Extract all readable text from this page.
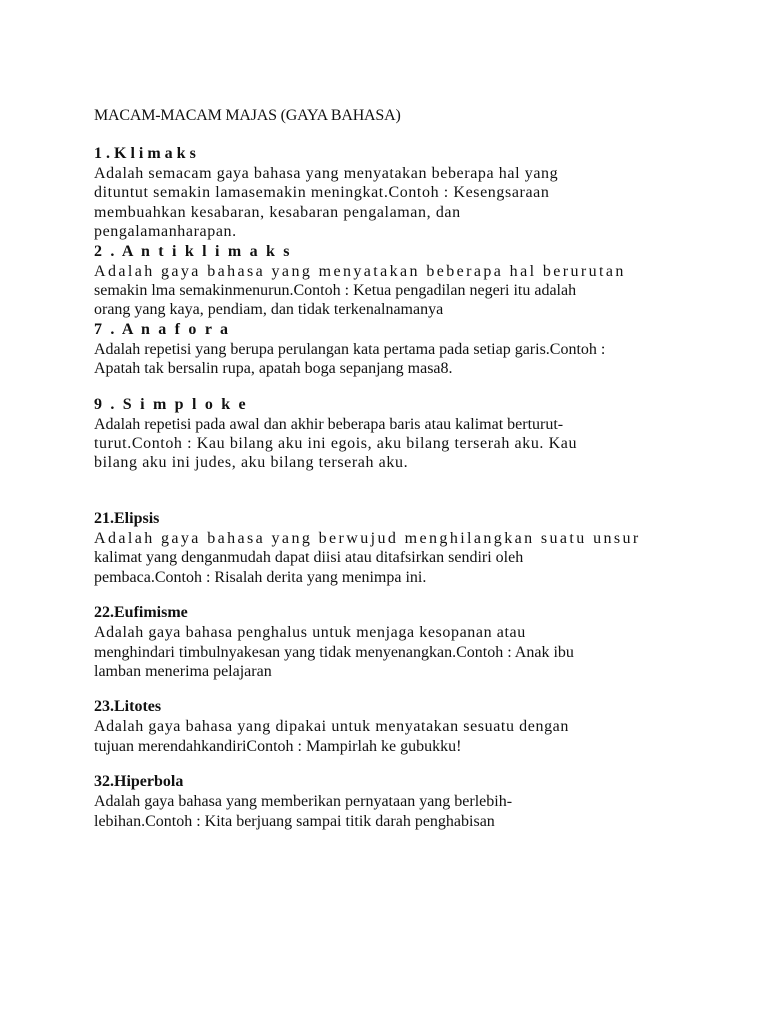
MACAM-MACAM MAJAS (GAYA BAHASA)

1 . K l i m a k s

Adalah semacam gaya bahasa yang menyatakan beberapa hal yang

dituntut semakin lamasemakin meningkat.Contoh : Kesengsaraan

membuahkan kesabaran, kesabaran pengalaman, dan

pengalamanharapan.

2 . A n t i k l i m a k s

Adalah gaya bahasa yang menyatakan beberapa hal berurutan

semakin lma semakinmenurun.Contoh : Ketua pengadilan negeri itu adalah

orang yang kaya, pendiam, dan tidak terkenalnamanya

7 . A n a f o r a

Adalah repetisi yang berupa perulangan kata pertama pada setiap garis.Contoh :

Apatah tak bersalin rupa, apatah boga sepanjang masa8.

9 . S i m p l o k e

Adalah repetisi pada awal dan akhir beberapa baris atau kalimat berturut-

turut.Contoh : Kau bilang aku ini egois, aku bilang terserah aku. Kau

bilang aku ini judes, aku bilang terserah aku.

21.Elipsis

Adalah gaya bahasa yang berwujud menghilangkan suatu unsur

kalimat yang denganmudah dapat diisi atau ditafsirkan sendiri oleh

pembaca.Contoh : Risalah derita yang menimpa ini.

22.Eufimisme

Adalah gaya bahasa penghalus untuk menjaga kesopanan atau

menghindari timbulnyakesan yang tidak menyenangkan.Contoh : Anak ibu

lamban menerima pelajaran

23.Litotes

Adalah gaya bahasa yang dipakai untuk menyatakan sesuatu dengan

tujuan merendahkandiriContoh : Mampirlah ke gubukku!

32.Hiperbola

Adalah gaya bahasa yang memberikan pernyataan yang berlebih-

lebihan.Contoh : Kita berjuang sampai titik darah penghabisan
